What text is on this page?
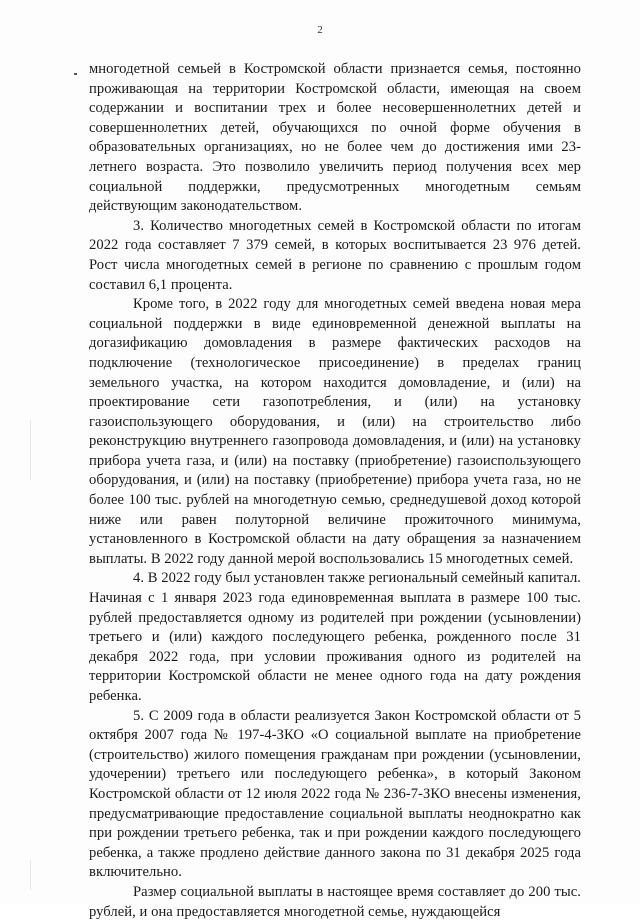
2

многодетной семьей в Костромской области признается семья, постоянно проживающая на территории Костромской области, имеющая на своем содержании и воспитании трех и более несовершеннолетних детей и совершеннолетних детей, обучающихся по очной форме обучения в образовательных организациях, но не более чем до достижения ими 23-летнего возраста. Это позволило увеличить период получения всех мер социальной поддержки, предусмотренных многодетным семьям действующим законодательством.

3. Количество многодетных семей в Костромской области по итогам 2022 года составляет 7 379 семей, в которых воспитывается 23 976 детей. Рост числа многодетных семей в регионе по сравнению с прошлым годом составил 6,1 процента.

Кроме того, в 2022 году для многодетных семей введена новая мера социальной поддержки в виде единовременной денежной выплаты на догазификацию домовладения в размере фактических расходов на подключение (технологическое присоединение) в пределах границ земельного участка, на котором находится домовладение, и (или) на проектирование сети газопотребления, и (или) на установку газоиспользующего оборудования, и (или) на строительство либо реконструкцию внутреннего газопровода домовладения, и (или) на установку прибора учета газа, и (или) на поставку (приобретение) газоиспользующего оборудования, и (или) на поставку (приобретение) прибора учета газа, но не более 100 тыс. рублей на многодетную семью, среднедушевой доход которой ниже или равен полуторной величине прожиточного минимума, установленного в Костромской области на дату обращения за назначением выплаты. В 2022 году данной мерой воспользовались 15 многодетных семей.

4. В 2022 году был установлен также региональный семейный капитал. Начиная с 1 января 2023 года единовременная выплата в размере 100 тыс. рублей предоставляется одному из родителей при рождении (усыновлении) третьего и (или) каждого последующего ребенка, рожденного после 31 декабря 2022 года, при условии проживания одного из родителей на территории Костромской области не менее одного года на дату рождения ребенка.

5. С 2009 года в области реализуется Закон Костромской области от 5 октября 2007 года № 197-4-ЗКО «О социальной выплате на приобретение (строительство) жилого помещения гражданам при рождении (усыновлении, удочерении) третьего или последующего ребенка», в который Законом Костромской области от 12 июля 2022 года № 236-7-ЗКО внесены изменения, предусматривающие предоставление социальной выплаты неоднократно как при рождении третьего ребенка, так и при рождении каждого последующего ребенка, а также продлено действие данного закона по 31 декабря 2025 года включительно.

Размер социальной выплаты в настоящее время составляет до 200 тыс. рублей, и она предоставляется многодетной семье, нуждающейся
